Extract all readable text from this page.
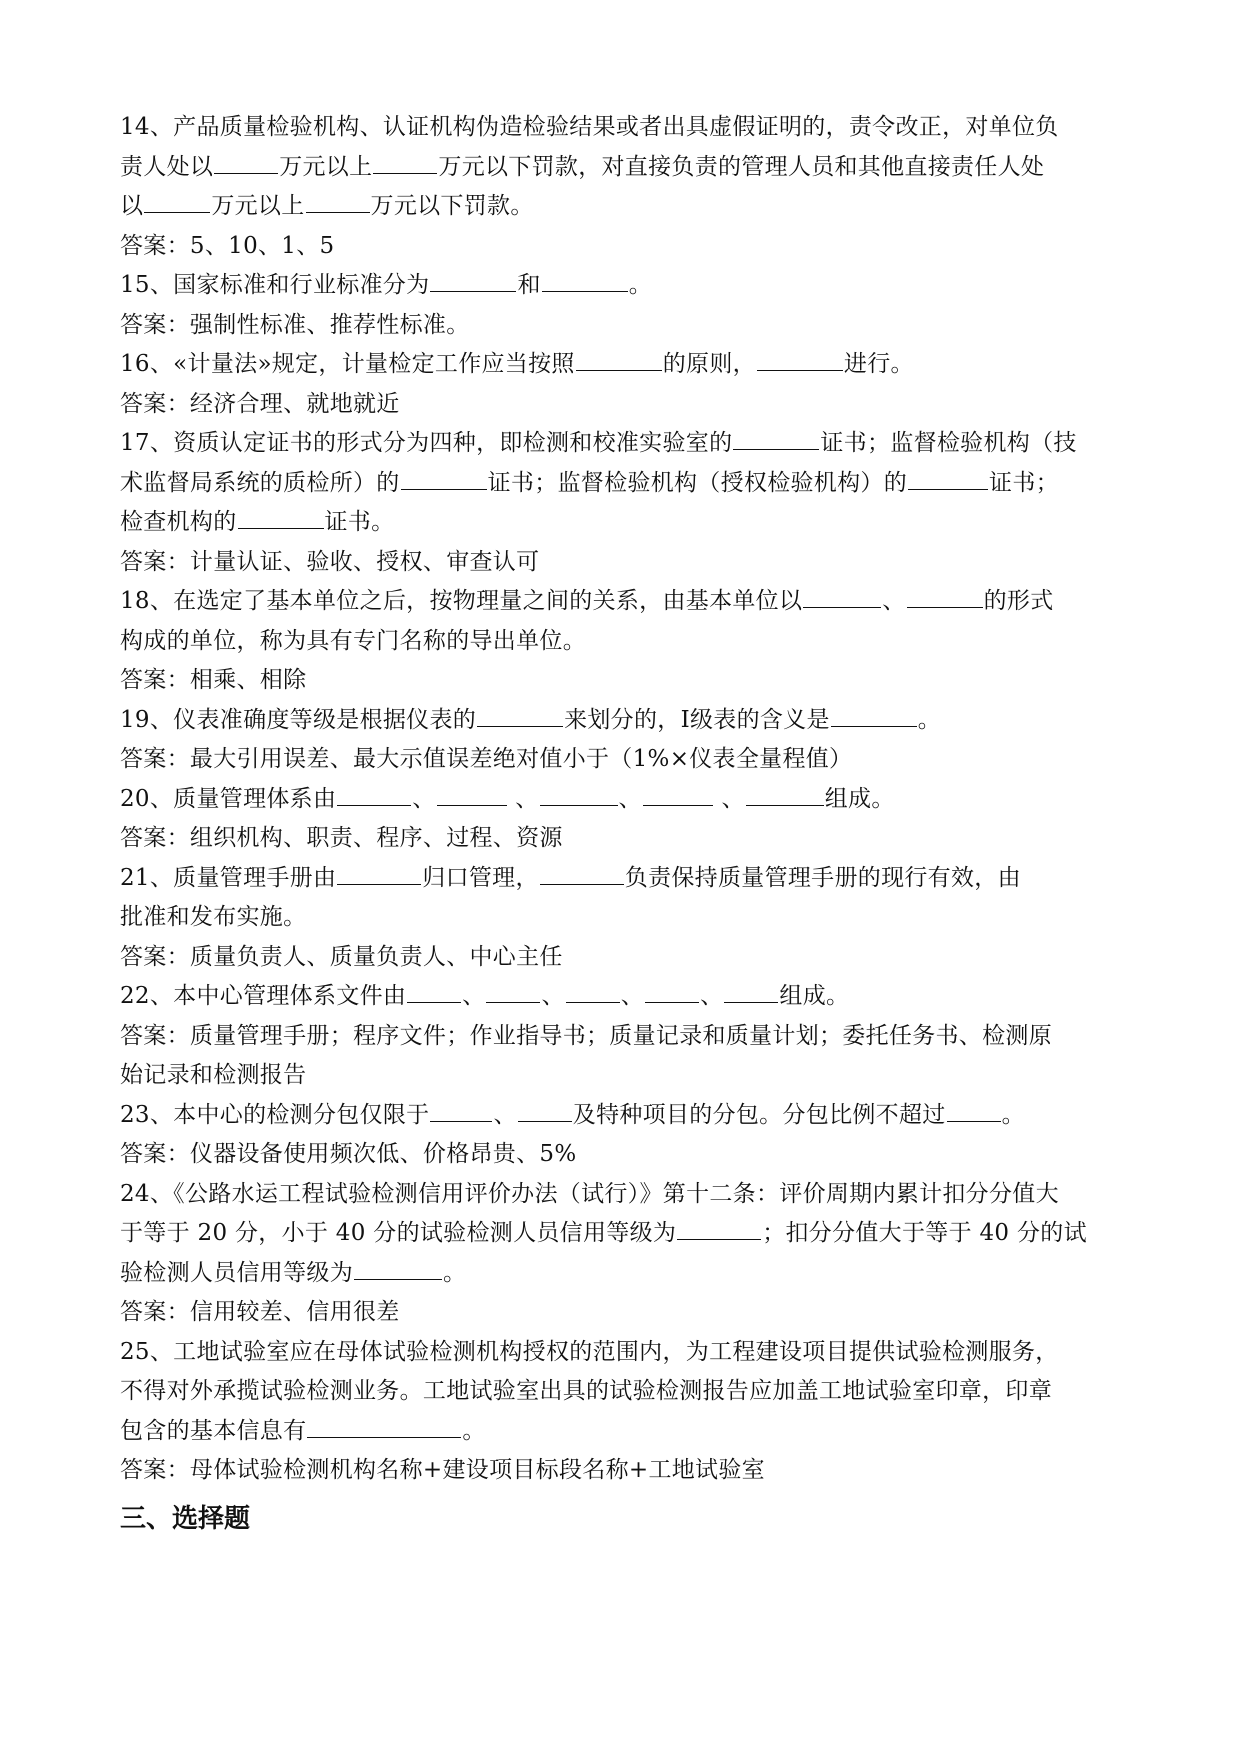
14、产品质量检验机构、认证机构伪造检验结果或者出具虚假证明的，责令改正，对单位负
责人处以	万元以上	万元以下罚款，对直接负责的管理人员和其他直接责任人处
以	万元以上	万元以下罚款。
答案：5、10、1、5
15、国家标准和行业标准分为	和	。
答案：强制性标准、推荐性标准。
16、«计量法»规定，计量检定工作应当按照	的原则，	进行。
答案：经济合理、就地就近
17、资质认定证书的形式分为四种，即检测和校准实验室的	证书；监督检验机构（技
术监督局系统的质检所）的	证书；监督检验机构（授权检验机构）的	证书；
检查机构的	证书。
答案：计量认证、验收、授权、审查认可
18、在选定了基本单位之后，按物理量之间的关系，由基本单位以	、	的形式
构成的单位，称为具有专门名称的导出单位。
答案：相乘、相除
19、仪表准确度等级是根据仪表的	来划分的，Ⅰ级表的含义是	。
答案：最大引用误差、最大示值误差绝对值小于（1%×仪表全量程值）
20、质量管理体系由	、	、	、	、	组成。
答案：组织机构、职责、程序、过程、资源
21、质量管理手册由	归口管理，	负责保持质量管理手册的现行有效，由
批准和发布实施。
答案：质量负责人、质量负责人、中心主任
22、本中心管理体系文件由 、 、 、 、 组成。
答案：质量管理手册；程序文件；作业指导书；质量记录和质量计划；委托任务书、检测原
始记录和检测报告
23、本中心的检测分包仅限于	、 及特种项目的分包。分包比例不超过 。
答案：仪器设备使用频次低、价格昂贵、5%
24、《公路水运工程试验检测信用评价办法（试行）》第十二条：评价周期内累计扣分分值大
于等于 20 分，小于 40 分的试验检测人员信用等级为	；扣分分值大于等于 40 分的试
验检测人员信用等级为	。
答案：信用较差、信用很差
25、工地试验室应在母体试验检测机构授权的范围内，为工程建设项目提供试验检测服务，
不得对外承揽试验检测业务。工地试验室出具的试验检测报告应加盖工地试验室印章，印章
包含的基本信息有	。
答案：母体试验检测机构名称+建设项目标段名称+工地试验室
三、选择题
